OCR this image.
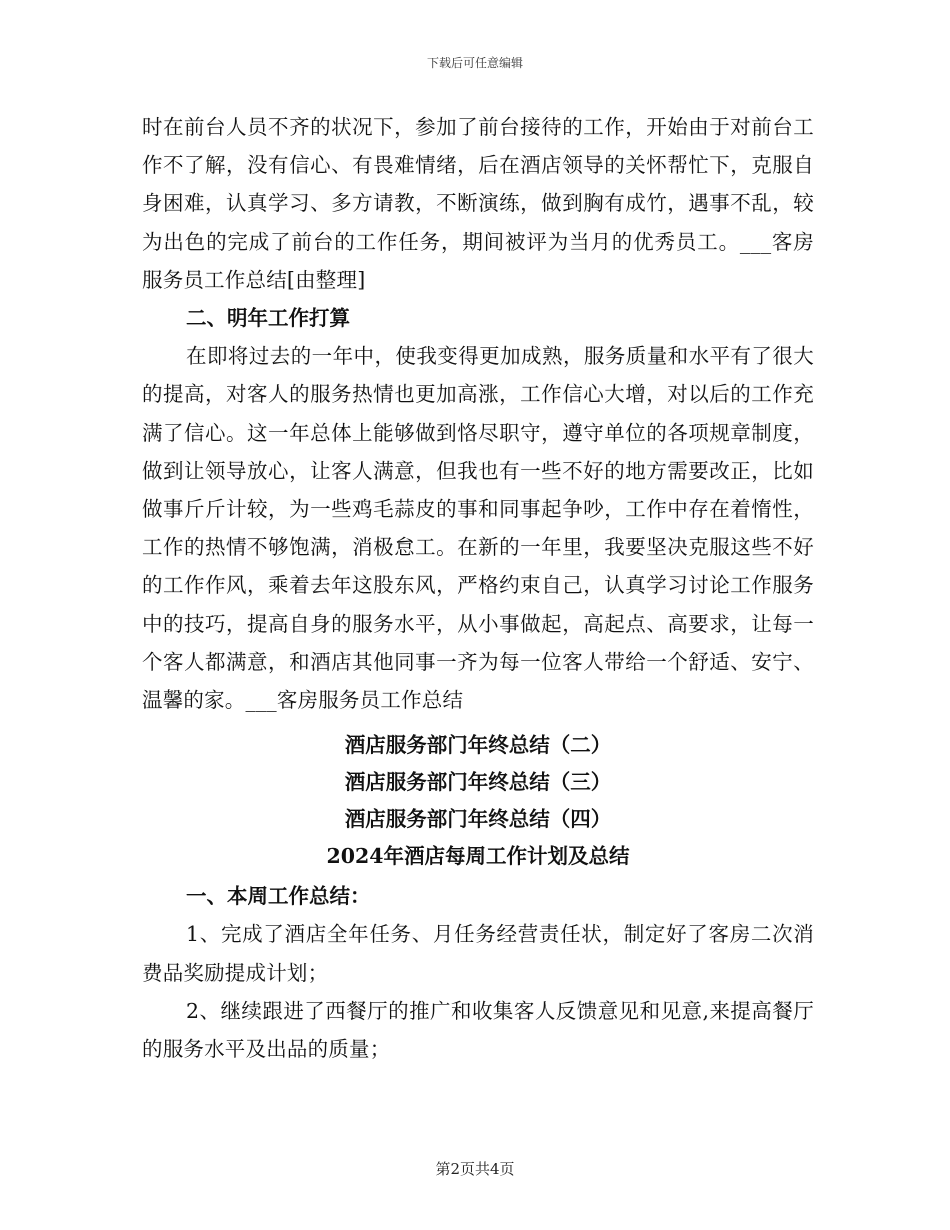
下载后可任意编辑

时在前台人员不齐的状况下，参加了前台接待的工作，开始由于对前台工作不了解，没有信心、有畏难情绪，后在酒店领导的关怀帮忙下，克服自身困难，认真学习、多方请教，不断演练，做到胸有成竹，遇事不乱，较为出色的完成了前台的工作任务，期间被评为当月的优秀员工。___客房服务员工作总结[由整理]

二、明年工作打算

在即将过去的一年中，使我变得更加成熟，服务质量和水平有了很大的提高，对客人的服务热情也更加高涨，工作信心大增，对以后的工作充满了信心。这一年总体上能够做到恪尽职守，遵守单位的各项规章制度，做到让领导放心，让客人满意，但我也有一些不好的地方需要改正，比如做事斤斤计较，为一些鸡毛蒜皮的事和同事起争吵，工作中存在着惰性，工作的热情不够饱满，消极怠工。在新的一年里，我要坚决克服这些不好的工作作风，乘着去年这股东风，严格约束自己，认真学习讨论工作服务中的技巧，提高自身的服务水平，从小事做起，高起点、高要求，让每一个客人都满意，和酒店其他同事一齐为每一位客人带给一个舒适、安宁、温馨的家。___客房服务员工作总结

酒店服务部门年终总结（二）

酒店服务部门年终总结（三）

酒店服务部门年终总结（四）

2024年酒店每周工作计划及总结

一、本周工作总结：

1、完成了酒店全年任务、月任务经营责任状，制定好了客房二次消费品奖励提成计划；

2、继续跟进了西餐厅的推广和收集客人反馈意见和见意,来提高餐厅的服务水平及出品的质量；

第2页共4页
